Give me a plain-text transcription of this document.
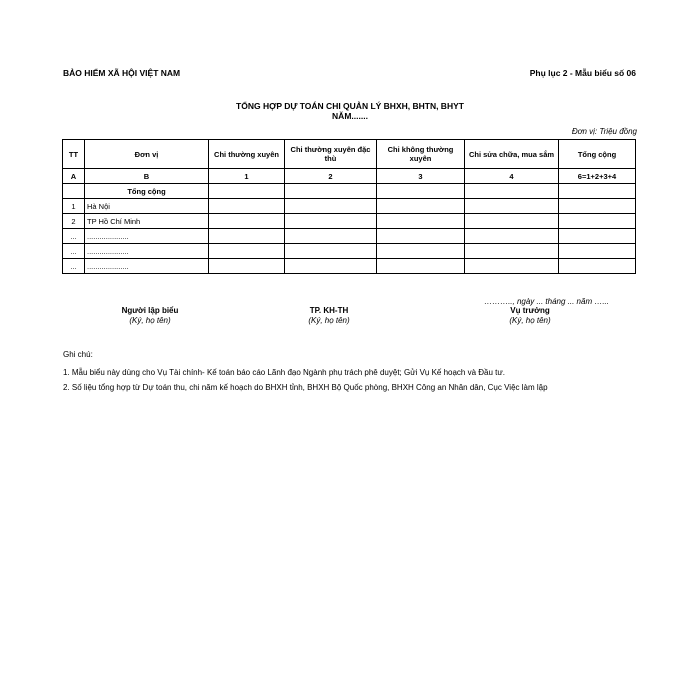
BẢO HIỂM XÃ HỘI VIỆT NAM	Phụ lục 2 - Mẫu biểu số 06
TỔNG HỢP DỰ TOÁN CHI QUẢN LÝ BHXH, BHTN, BHYT
NĂM.......
Đơn vị: Triệu đồng
TT	Đơn vị	Chi thường xuyên	Chi thường xuyên đặc thù	Chi không thường xuyên	Chi sửa chữa, mua sắm	Tổng cộng
A	B	1	2	3	4	6=1+2+3+4
	Tổng cộng					
1	Hà Nội					
2	TP Hồ Chí Minh					
...	....................					
...	....................					
...	....................					
……….., ngày ... tháng ... năm …...
Người lập biểu
(Ký, họ tên)
TP. KH-TH
(Ký, họ tên)
Vụ trưởng
(Ký, họ tên)
Ghi chú:
1. Mẫu biểu này dùng cho Vụ Tài chính- Kế toán báo cáo Lãnh đạo Ngành phụ trách phê duyệt; Gửi Vụ Kế hoạch và Đầu tư.
2. Số liệu tổng hợp từ Dự toán thu, chi năm kế hoạch do BHXH tỉnh, BHXH Bộ Quốc phòng, BHXH Công an Nhân dân, Cục Việc làm lập
